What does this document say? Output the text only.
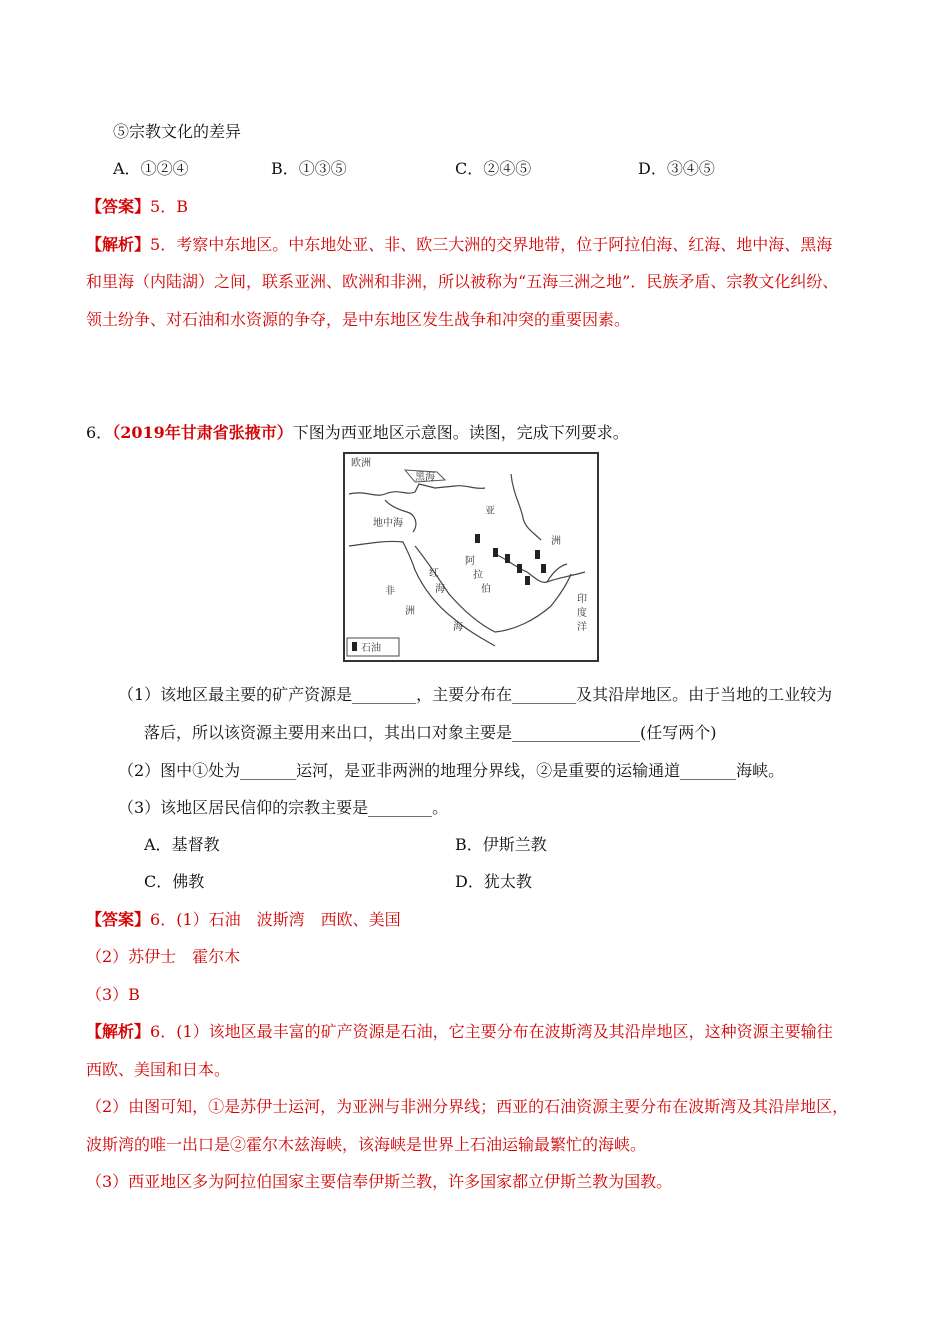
⑤宗教文化的差异
A．①②④	B．①③⑤	C．②④⑤	D．③④⑤
【答案】5．B
【解析】5．考察中东地区。中东地处亚、非、欧三大洲的交界地带，位于阿拉伯海、红海、地中海、黑海
和里海（内陆湖）之间，联系亚洲、欧洲和非洲，所以被称为“五海三洲之地”．民族矛盾、宗教文化纠纷、
领土纷争、对石油和水资源的争夺，是中东地区发生战争和冲突的重要因素。
6．（2019年甘肃省张掖市）下图为西亚地区示意图。读图，完成下列要求。
欧洲
黑海
地中海
亚
洲
非
洲
阿
拉
伯
海
红
海
印
度
洋
石油
（1）该地区最主要的矿产资源是________，主要分布在________及其沿岸地区。由于当地的工业较为
落后，所以该资源主要用来出口，其出口对象主要是________________(任写两个)
（2）图中①处为_______运河，是亚非两洲的地理分界线，②是重要的运输通道_______海峡。
（3）该地区居民信仰的宗教主要是________。
A．基督教	B．伊斯兰教
C．佛教	D．犹太教
【答案】6．(1）石油　波斯湾　西欧、美国
（2）苏伊士　霍尔木
（3）B
【解析】6．(1）该地区最丰富的矿产资源是石油，它主要分布在波斯湾及其沿岸地区，这种资源主要输往
西欧、美国和日本。
（2）由图可知，①是苏伊士运河，为亚洲与非洲分界线；西亚的石油资源主要分布在波斯湾及其沿岸地区，
波斯湾的唯一出口是②霍尔木兹海峡，该海峡是世界上石油运输最繁忙的海峡。
（3）西亚地区多为阿拉伯国家主要信奉伊斯兰教，许多国家都立伊斯兰教为国教。
